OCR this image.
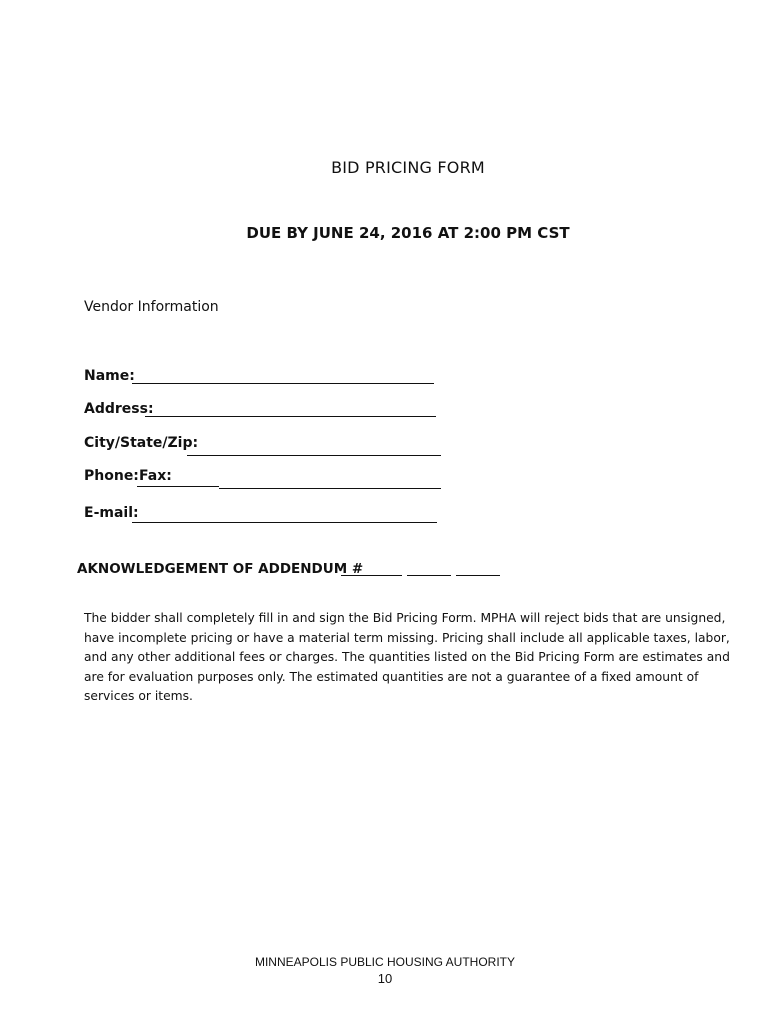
BID PRICING FORM
DUE BY JUNE 24, 2016 AT 2:00 PM CST
Vendor Information
Name:
Address:
City/State/Zip:
Phone: Fax:
E-mail:
AKNOWLEDGEMENT OF ADDENDUM #
The bidder shall completely fill in and sign the Bid Pricing Form. MPHA will reject bids that are unsigned, have incomplete pricing or have a material term missing. Pricing shall include all applicable taxes, labor, and any other additional fees or charges. The quantities listed on the Bid Pricing Form are estimates and are for evaluation purposes only. The estimated quantities are not a guarantee of a fixed amount of services or items.
MINNEAPOLIS PUBLIC HOUSING AUTHORITY
10
